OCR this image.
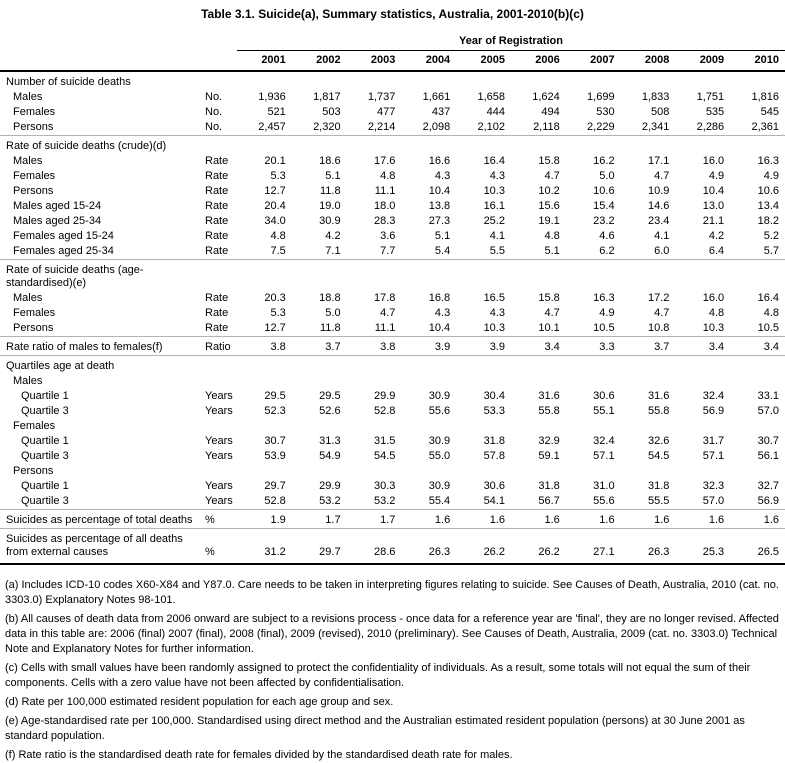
Table 3.1. Suicide(a), Summary statistics, Australia, 2001-2010(b)(c)
		Year of Registration									
		2001	2002	2003	2004	2005	2006	2007	2008	2009	2010

Number of suicide deaths											

Males	No.	1,936	1,817	1,737	1,661	1,658	1,624	1,699	1,833	1,751	1,816

Females	No.	521	503	477	437	444	494	530	508	535	545

Persons	No.	2,457	2,320	2,214	2,098	2,102	2,118	2,229	2,341	2,286	2,361

Rate of suicide deaths (crude)(d)											

Males	Rate	20.1	18.6	17.6	16.6	16.4	15.8	16.2	17.1	16.0	16.3

Females	Rate	5.3	5.1	4.8	4.3	4.3	4.7	5.0	4.7	4.9	4.9

Persons	Rate	12.7	11.8	11.1	10.4	10.3	10.2	10.6	10.9	10.4	10.6

Males aged 15-24	Rate	20.4	19.0	18.0	13.8	16.1	15.6	15.4	14.6	13.0	13.4

Males aged 25-34	Rate	34.0	30.9	28.3	27.3	25.2	19.1	23.2	23.4	21.1	18.2

Females aged 15-24	Rate	4.8	4.2	3.6	5.1	4.1	4.8	4.6	4.1	4.2	5.2

Females aged 25-34	Rate	7.5	7.1	7.7	5.4	5.5	5.1	6.2	6.0	6.4	5.7

Rate of suicide deaths (age-standardised)(e)											

Males	Rate	20.3	18.8	17.8	16.8	16.5	15.8	16.3	17.2	16.0	16.4

Females	Rate	5.3	5.0	4.7	4.3	4.3	4.7	4.9	4.7	4.8	4.8

Persons	Rate	12.7	11.8	11.1	10.4	10.3	10.1	10.5	10.8	10.3	10.5

Rate ratio of males to females(f)	Ratio	3.8	3.7	3.8	3.9	3.9	3.4	3.3	3.7	3.4	3.4

Quartiles age at death											

Males											

Quartile 1	Years	29.5	29.5	29.9	30.9	30.4	31.6	30.6	31.6	32.4	33.1

Quartile 3	Years	52.3	52.6	52.8	55.6	53.3	55.8	55.1	55.8	56.9	57.0

Females											

Quartile 1	Years	30.7	31.3	31.5	30.9	31.8	32.9	32.4	32.6	31.7	30.7

Quartile 3	Years	53.9	54.9	54.5	55.0	57.8	59.1	57.1	54.5	57.1	56.1

Persons											

Quartile 1	Years	29.7	29.9	30.3	30.9	30.6	31.8	31.0	31.8	32.3	32.7

Quartile 3	Years	52.8	53.2	53.2	55.4	54.1	56.7	55.6	55.5	57.0	56.9

Suicides as percentage of total deaths	%	1.9	1.7	1.7	1.6	1.6	1.6	1.6	1.6	1.6	1.6

Suicides as percentage of all deaths from external causes	%	31.2	29.7	28.6	26.3	26.2	26.2	27.1	26.3	25.3	26.5

(a) Includes ICD-10 codes X60-X84 and Y87.0. Care needs to be taken in interpreting figures relating to suicide. See Causes of Death, Australia, 2010 (cat. no. 3303.0) Explanatory Notes 98-101.

(b) All causes of death data from 2006 onward are subject to a revisions process - once data for a reference year are 'final', they are no longer revised. Affected data in this table are: 2006 (final) 2007 (final), 2008 (final), 2009 (revised), 2010 (preliminary). See Causes of Death, Australia, 2009 (cat. no. 3303.0) Technical Note and Explanatory Notes for further information.

(c) Cells with small values have been randomly assigned to protect the confidentiality of individuals. As a result, some totals will not equal the sum of their components. Cells with a zero value have not been affected by confidentialisation.

(d) Rate per 100,000 estimated resident population for each age group and sex.

(e) Age-standardised rate per 100,000. Standardised using direct method and the Australian estimated resident population (persons) at 30 June 2001 as standard population.

(f) Rate ratio is the standardised death rate for females divided by the standardised death rate for males.
